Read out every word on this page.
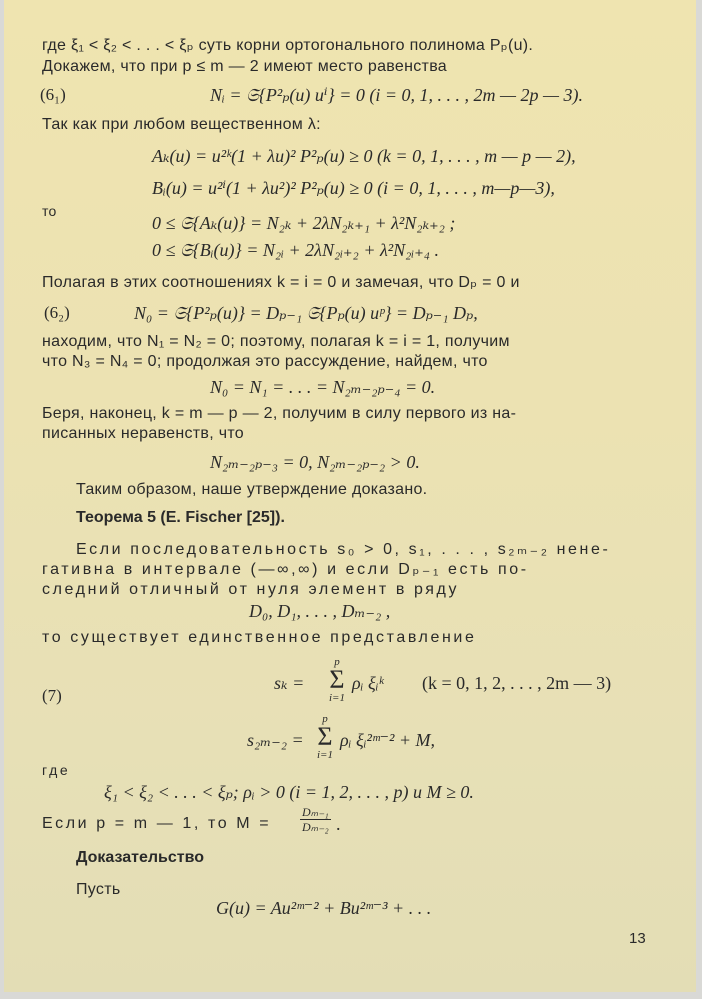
где ξ₁ < ξ₂ < . . . < ξₚ суть корни ортогонального полинома Pₚ(u).
Докажем, что при p ≤ m — 2 имеют место равенства
(6₁)	Nᵢ = 𝔖{P²ₚ(u) uⁱ} = 0 (i = 0, 1, . . . , 2m — 2p — 3).
Так как при любом вещественном λ:
Aₖ(u) = u²ᵏ(1 + λu)² P²ₚ(u) ≥ 0 (k = 0, 1, . . . , m — p — 2),
Bᵢ(u) = u²ⁱ(1 + λu²)² P²ₚ(u) ≥ 0 (i = 0, 1, . . . , m—p—3),
то
0 ≤ 𝔖{Aₖ(u)} = N₂ₖ + 2λN₂ₖ₊₁ + λ²N₂ₖ₊₂ ;
0 ≤ 𝔖{Bᵢ(u)} = N₂ᵢ + 2λN₂ᵢ₊₂ + λ²N₂ᵢ₊₄ .
Полагая в этих соотношениях k = i = 0 и замечая, что Dₚ = 0 и
(6₂)	N₀ = 𝔖{P²ₚ(u)} = Dₚ₋₁ 𝔖{Pₚ(u) uᵖ} = Dₚ₋₁ Dₚ,
находим, что N₁ = N₂ = 0; поэтому, полагая k = i = 1, получим
что N₃ = N₄ = 0; продолжая это рассуждение, найдем, что
N₀ = N₁ = . . . = N₂ₘ₋₂ₚ₋₄ = 0.
Беря, наконец, k = m — p — 2, получим в силу первого из на-
писанных неравенств, что
N₂ₘ₋₂ₚ₋₃ = 0, N₂ₘ₋₂ₚ₋₂ > 0.
Таким образом, наше утверждение доказано.
Теорема 5 (E. Fischer [25]).
Если последовательность s₀ > 0, s₁, . . . , s₂ₘ₋₂ нене-
гативна в интервале (—∞,∞) и если Dₚ₋₁ есть по-
следний отличный от нуля элемент в ряду
D₀, D₁, . . . , Dₘ₋₂ ,
то существует единственное представление
(7)
sₖ =
p
Σ
i=1
ρᵢ ξᵢᵏ (k = 0, 1, 2, . . . , 2m — 3)
s₂ₘ₋₂ =
p
Σ
i=1
ρᵢ ξᵢ²ᵐ⁻² + M,
где
ξ₁ < ξ₂ < . . . < ξₚ; ρᵢ > 0 (i = 1, 2, . . . , p) и M ≥ 0.
Если p = m — 1, то $M = \frac{\text{Dₘ₋₁}}{\text{Dₘ₋₂}}$ .
Доказательство
Пусть
G(u) = Au²ᵐ⁻² + Bu²ᵐ⁻³ + . . .
13
